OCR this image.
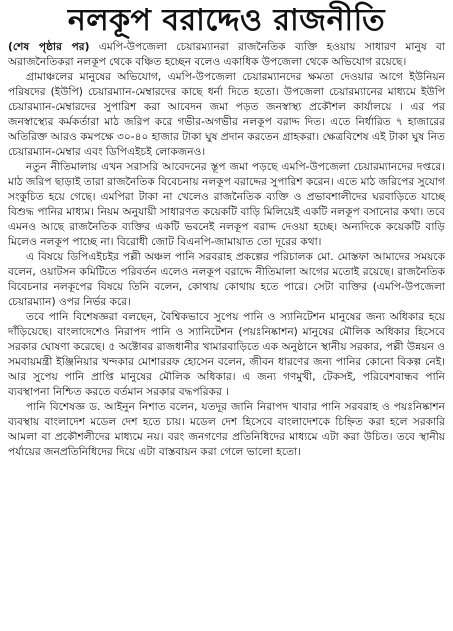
নলকূপ বরাদ্দেও রাজনীতি

(শেষ পৃষ্ঠার পর) এমপি-উপজেলা চেয়ারম্যানরা রাজনৈতিক ব্যক্তি হওয়ায় সাধারণ মানুষ বা অরাজনৈতিকরা নলকূপ থেকে বঞ্চিত হচ্ছেন বলেও একাধিক উপজেলা থেকে অভিযোগ রয়েছে।

গ্রামাঞ্চলের মানুষের অভিযোগ, এমপি-উপজেলা চেয়ারম্যানদের ক্ষমতা দেওয়ার আগে ইউনিয়ন পরিষদের (ইউপি) চেয়ারম্যান-মেম্বারদের কাছে ধর্না দিতে হতো। উপজেলা চেয়ারম্যানের মাধ্যমে ইউপি চেয়ারম্যান-মেম্বারদের সুপারিশ করা আবেদন জমা পড়ত জনস্বাস্থ্য প্রকৌশল কার্যালয়ে । এর পর জনস্বাস্থ্যের কর্মকর্তারা মাঠ জরিপ করে গভীর-অগভীর নলকূপ বরাদ্দ দিত। এতে নির্ধারিত ৭ হাজারের অতিরিক্ত আরও কমপক্ষে ৩০-৪০ হাজার টাকা ঘুষ প্রদান করতেন গ্রাহকরা। ক্ষেত্রবিশেষ এই টাকা ঘুষ নিত চেয়ারম্যান-মেম্বার এবং ডিপিএইচই লোকজনও।

নতুন নীতিমালায় এখন সরাসরি আবেদনের স্তূপ জমা পড়ছে এমপি-উপজেলা চেয়ারম্যানদের দপ্তরে। মাঠ জরিপ ছাড়াই তারা রাজনৈতিক বিবেচনায় নলকূপ বরাদ্দের সুপারিশ করেন। এতে মাঠ জরিপের সুযোগ সংকুচিত হয়ে গেছে। এমপিরা টাকা না খেলেও রাজনৈতিক ব্যক্তি ও প্রভাবশালীদের ঘরবাড়িতে যাচ্ছে বিশুদ্ধ পানির মাধ্যম। নিয়ম অনুযায়ী সাধারণত কয়েকটি বাড়ি মিলিয়েই একটি নলকূপ বসানোর কথা। তবে এমনও আছে রাজনৈতিক ব্যক্তির একটি ভবনেই নলকূপ বরাদ্দ দেওয়া হচ্ছে। অন্যদিকে কয়েকটি বাড়ি মিলেও নলকূপ পাচ্ছে না। বিরোধী জোট বিএনপি-জামায়াত তো দূরের কথা।

এ বিষয়ে ডিপিএইচইর পল্লী অঞ্চল পানি সরবরাহ প্রকল্পের পরিচালক মো. মোস্তফা আমাদের সময়কে বলেন, ওয়াটসন কমিটিতে পরিবর্তন এলেও নলকূপ বরাদ্দে নীতিমালা আগের মতোই রয়েছে। রাজনৈতিক বিবেচনার নলকূপের বিষয়ে তিনি বলেন, কোথায় কোথায় হতে পারে। সেটা ব্যক্তির (এমপি-উপজেলা চেয়ারম্যান) ওপর নির্ভর করে।

তবে পানি বিশেষজ্ঞরা বলছেন, বৈশ্বিকভাবে সুপেয় পানি ও স্যানিটেশন মানুষের জন্য অধিকার হয়ে দাঁড়িয়েছে। বাংলাদেশেও নিরাপদ পানি ও স্যানিটেশন (পয়ঃনিষ্কাশন) মানুষের মৌলিক অধিকার হিসেবে সরকার ঘোষণা করেছে। ৫ অক্টোবর রাজধানীর খামারবাড়িতে এক অনুষ্ঠানে স্থানীয় সরকার, পল্লী উন্নয়ন ও সমবায়মন্ত্রী ইঞ্জিনিয়ার খন্দকার মোশাররফ হোসেন বলেন, জীবন ধারণের জন্য পানির কোনো বিকল্প নেই। আর সুপেয় পানি প্রাপ্তি মানুষের মৌলিক অধিকার। এ জন্য গণমুখী, টেকসই, পরিবেশবান্ধব পানি ব্যবস্থাপনা নিশ্চিত করতে বর্তমান সরকার বদ্ধপরিকর ।

পানি বিশেষজ্ঞ ড. আইনুন নিশাত বলেন, যতদূর জানি নিরাপদ খাবার পানি সরবরাহ ও পয়ঃনিষ্কাশন ব্যবস্থায় বাংলাদেশ মডেল দেশ হতে চায়। মডেল দেশ হিসেবে বাংলাদেশকে চিহ্নিত করা হলে সরকারি আমলা বা প্রকৌশলীদের মাধ্যমে নয়। বরং জনগণের প্রতিনিধিদের মাধ্যমে এটা করা উচিত। তবে স্থানীয় পর্যায়ের জনপ্রতিনিধিদের দিয়ে এটা বাস্তবায়ন করা গেলে ভালো হতো।
